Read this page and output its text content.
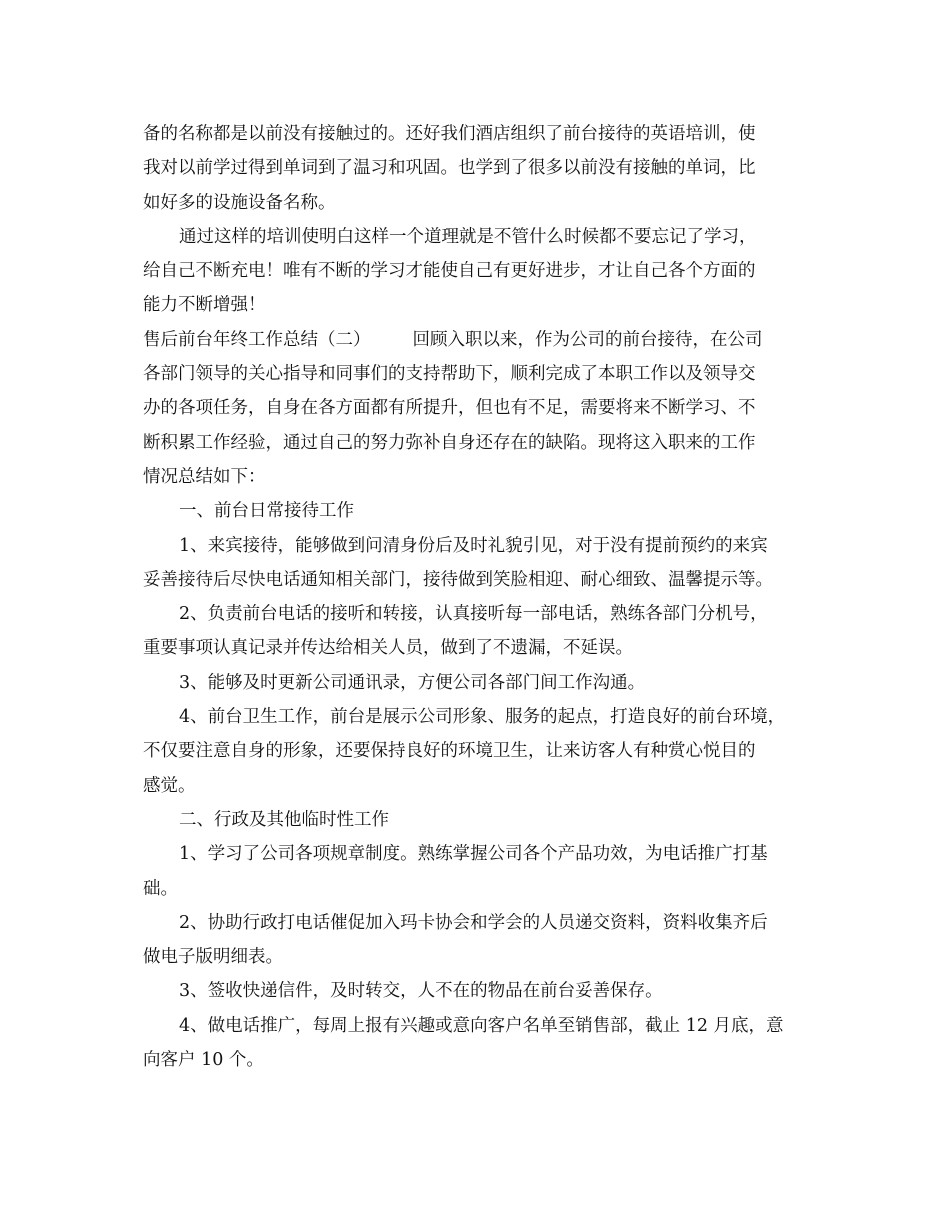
备的名称都是以前没有接触过的。还好我们酒店组织了前台接待的英语培训，使
我对以前学过得到单词到了温习和巩固。也学到了很多以前没有接触的单词，比
如好多的设施设备名称。
通过这样的培训使明白这样一个道理就是不管什么时候都不要忘记了学习，
给自己不断充电！唯有不断的学习才能使自己有更好进步，才让自己各个方面的
能力不断增强！
售后前台年终工作总结（二） 回顾入职以来，作为公司的前台接待，在公司
各部门领导的关心指导和同事们的支持帮助下，顺利完成了本职工作以及领导交
办的各项任务，自身在各方面都有所提升，但也有不足，需要将来不断学习、不
断积累工作经验，通过自己的努力弥补自身还存在的缺陷。现将这入职来的工作
情况总结如下：
一、前台日常接待工作
1、来宾接待，能够做到问清身份后及时礼貌引见，对于没有提前预约的来宾
妥善接待后尽快电话通知相关部门，接待做到笑脸相迎、耐心细致、温馨提示等。
2、负责前台电话的接听和转接，认真接听每一部电话，熟练各部门分机号，
重要事项认真记录并传达给相关人员，做到了不遗漏，不延误。
3、能够及时更新公司通讯录，方便公司各部门间工作沟通。
4、前台卫生工作，前台是展示公司形象、服务的起点，打造良好的前台环境，
不仅要注意自身的形象，还要保持良好的环境卫生，让来访客人有种赏心悦目的
感觉。
二、行政及其他临时性工作
1、学习了公司各项规章制度。熟练掌握公司各个产品功效，为电话推广打基
础。
2、协助行政打电话催促加入玛卡协会和学会的人员递交资料，资料收集齐后
做电子版明细表。
3、签收快递信件，及时转交，人不在的物品在前台妥善保存。
4、做电话推广，每周上报有兴趣或意向客户名单至销售部，截止 12 月底，意
向客户 10 个。
